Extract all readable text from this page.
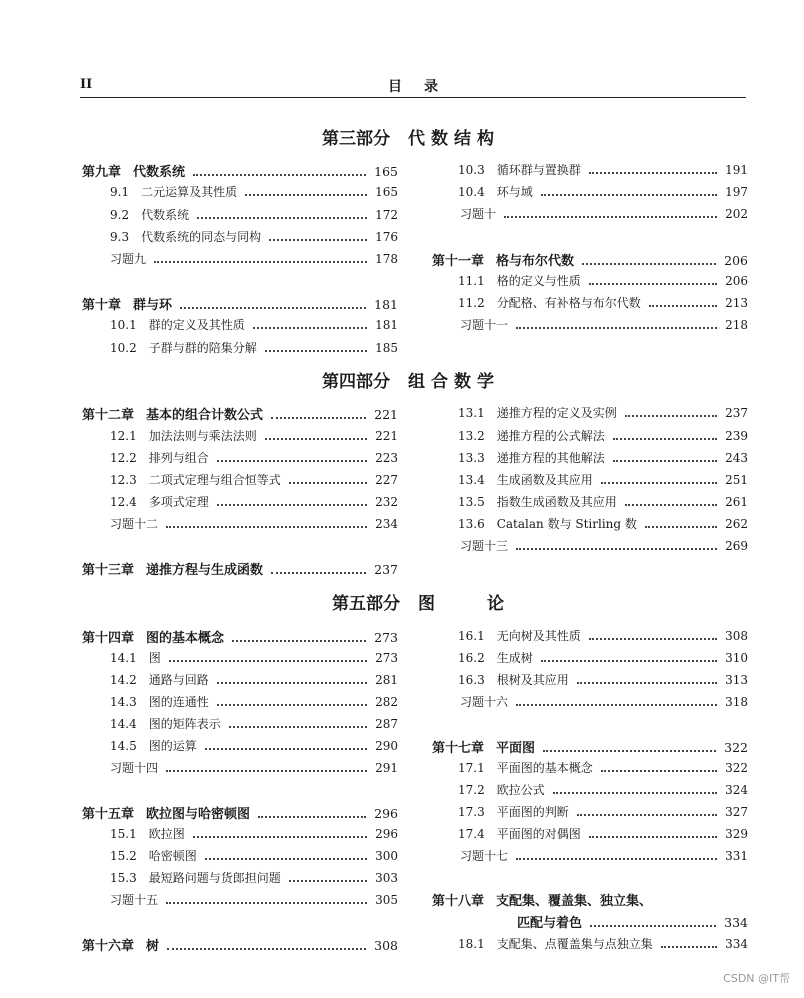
II	目录
第三部分 代数结构
第四部分 组合数学
第五部分 图　　论
第九章 代数系统	165
9.1 二元运算及其性质	165
9.2 代数系统	172
9.3 代数系统的同态与同构	176
习题九	178
第十章 群与环	181
10.1 群的定义及其性质	181
10.2 子群与群的陪集分解	185
10.3 循环群与置换群	191
10.4 环与域	197
习题十	202
第十一章 格与布尔代数	206
11.1 格的定义与性质	206
11.2 分配格、有补格与布尔代数	213
习题十一	218
第十二章 基本的组合计数公式	221
12.1 加法法则与乘法法则	221
12.2 排列与组合	223
12.3 二项式定理与组合恒等式	227
12.4 多项式定理	232
习题十二	234
第十三章 递推方程与生成函数	237
13.1 递推方程的定义及实例	237
13.2 递推方程的公式解法	239
13.3 递推方程的其他解法	243
13.4 生成函数及其应用	251
13.5 指数生成函数及其应用	261
13.6 Catalan 数与 Stirling 数	262
习题十三	269
第十四章 图的基本概念	273
14.1 图	273
14.2 通路与回路	281
14.3 图的连通性	282
14.4 图的矩阵表示	287
14.5 图的运算	290
习题十四	291
第十五章 欧拉图与哈密顿图	296
15.1 欧拉图	296
15.2 哈密顿图	300
15.3 最短路问题与货郎担问题	303
习题十五	305
第十六章 树	308
16.1 无向树及其性质	308
16.2 生成树	310
16.3 根树及其应用	313
习题十六	318
第十七章 平面图	322
17.1 平面图的基本概念	322
17.2 欧拉公式	324
17.3 平面图的判断	327
17.4 平面图的对偶图	329
习题十七	331
第十八章 支配集、覆盖集、独立集、
匹配与着色	334
18.1 支配集、点覆盖集与点独立集	334
CSDN @IT帮
